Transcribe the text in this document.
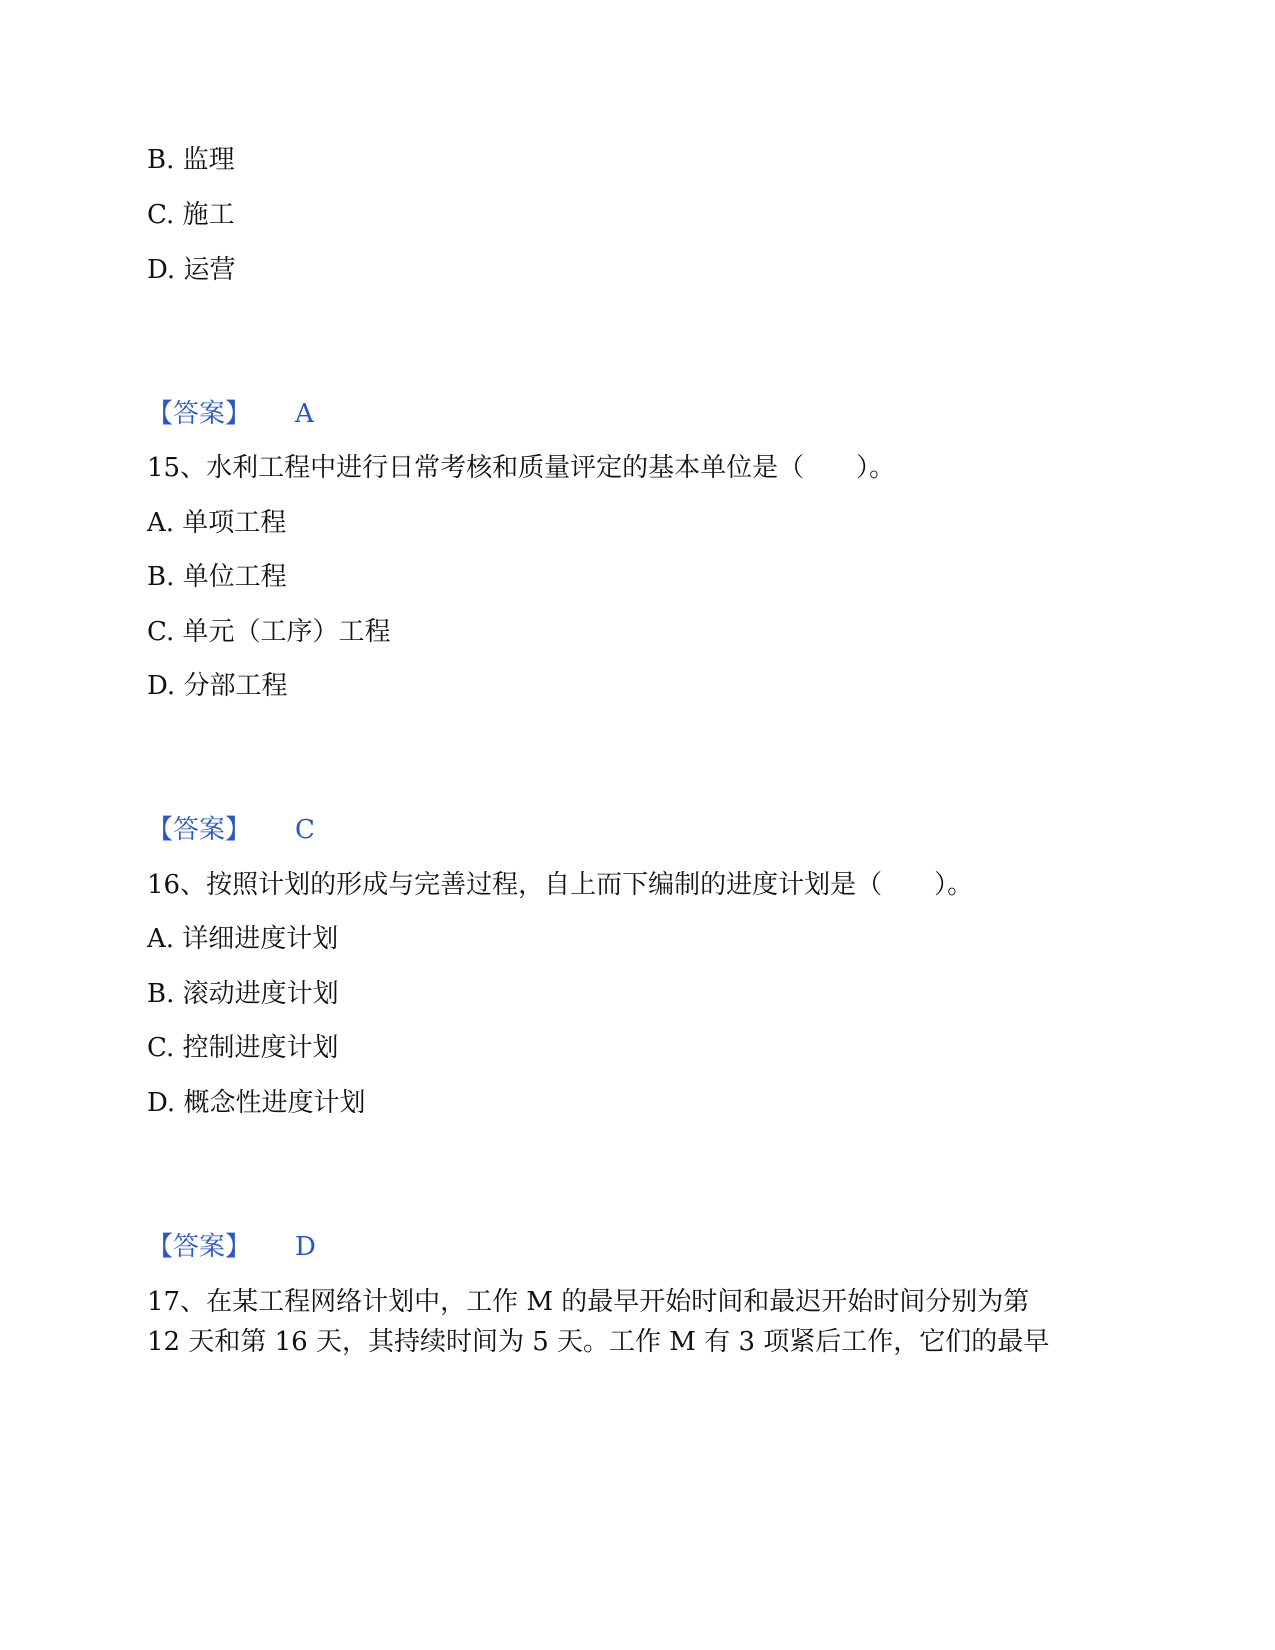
B. 监理
C. 施工
D. 运营
【答案】 A
15、水利工程中进行日常考核和质量评定的基本单位是（　　）。
A. 单项工程
B. 单位工程
C. 单元（工序）工程
D. 分部工程
【答案】 C
16、按照计划的形成与完善过程，自上而下编制的进度计划是（　　）。
A. 详细进度计划
B. 滚动进度计划
C. 控制进度计划
D. 概念性进度计划
【答案】 D
17、在某工程网络计划中，工作 M 的最早开始时间和最迟开始时间分别为第
12 天和第 16 天，其持续时间为 5 天。工作 M 有 3 项紧后工作，它们的最早
